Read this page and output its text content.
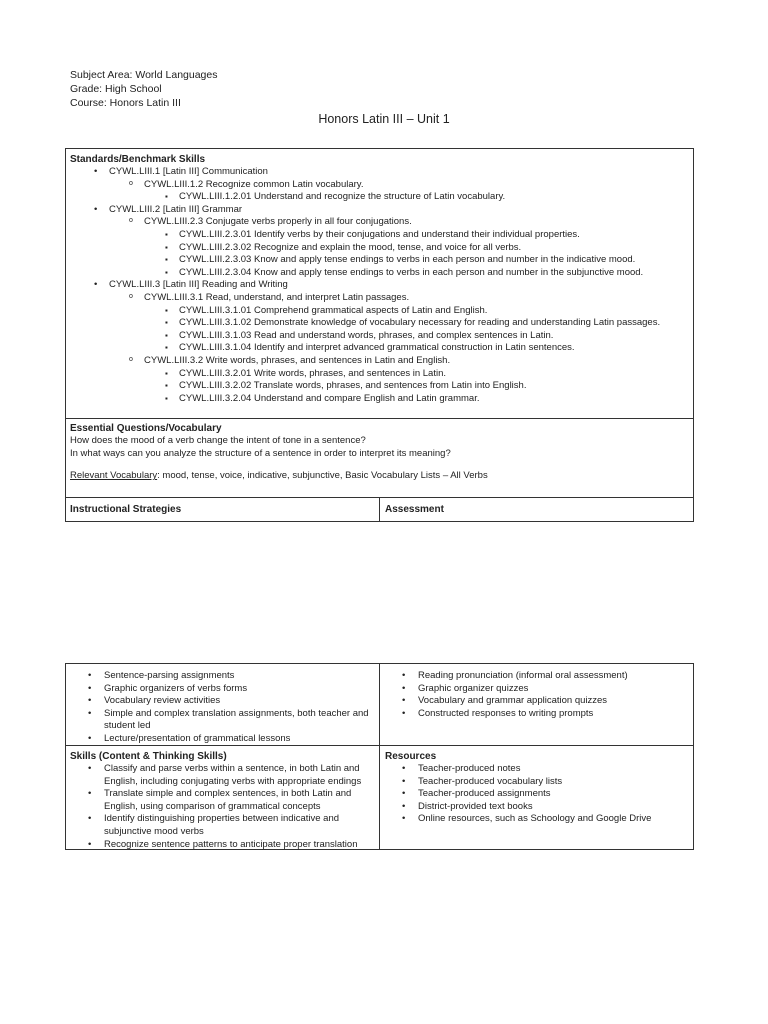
Subject Area: World Languages
Grade: High School
Course: Honors Latin III
Honors Latin III – Unit 1
Standards/Benchmark Skills
• CYWL.LIII.1 [Latin III] Communication
o CYWL.LIII.1.2 Recognize common Latin vocabulary.
▪ CYWL.LIII.1.2.01 Understand and recognize the structure of Latin vocabulary.
• CYWL.LIII.2 [Latin III] Grammar
o CYWL.LIII.2.3 Conjugate verbs properly in all four conjugations.
▪ CYWL.LIII.2.3.01 Identify verbs by their conjugations and understand their individual properties.
▪ CYWL.LIII.2.3.02 Recognize and explain the mood, tense, and voice for all verbs.
▪ CYWL.LIII.2.3.03 Know and apply tense endings to verbs in each person and number in the indicative mood.
▪ CYWL.LIII.2.3.04 Know and apply tense endings to verbs in each person and number in the subjunctive mood.
• CYWL.LIII.3 [Latin III] Reading and Writing
o CYWL.LIII.3.1 Read, understand, and interpret Latin passages.
▪ CYWL.LIII.3.1.01 Comprehend grammatical aspects of Latin and English.
▪ CYWL.LIII.3.1.02 Demonstrate knowledge of vocabulary necessary for reading and understanding Latin passages.
▪ CYWL.LIII.3.1.03 Read and understand words, phrases, and complex sentences in Latin.
▪ CYWL.LIII.3.1.04 Identify and interpret advanced grammatical construction in Latin sentences.
o CYWL.LIII.3.2 Write words, phrases, and sentences in Latin and English.
▪ CYWL.LIII.3.2.01 Write words, phrases, and sentences in Latin.
▪ CYWL.LIII.3.2.02 Translate words, phrases, and sentences from Latin into English.
▪ CYWL.LIII.3.2.04 Understand and compare English and Latin grammar.
Essential Questions/Vocabulary

How does the mood of a verb change the intent of tone in a sentence?

In what ways can you analyze the structure of a sentence in order to interpret its meaning?

Relevant Vocabulary: mood, tense, voice, indicative, subjunctive, Basic Vocabulary Lists – All Verbs

Instructional Strategies	Assessment
• Sentence-parsing assignments
• Graphic organizers of verbs forms
• Vocabulary review activities
• Simple and complex translation assignments, both teacher and student led
• Lecture/presentation of grammatical lessons
• Reading pronunciation (informal oral assessment)
• Graphic organizer quizzes
• Vocabulary and grammar application quizzes
• Constructed responses to writing prompts
Skills (Content & Thinking Skills)
• Classify and parse verbs within a sentence, in both Latin and English, including conjugating verbs with appropriate endings
• Translate simple and complex sentences, in both Latin and English, using comparison of grammatical concepts
• Identify distinguishing properties between indicative and subjunctive mood verbs
• Recognize sentence patterns to anticipate proper translation
Resources
• Teacher-produced notes
• Teacher-produced vocabulary lists
• Teacher-produced assignments
• District-provided text books
• Online resources, such as Schoology and Google Drive
